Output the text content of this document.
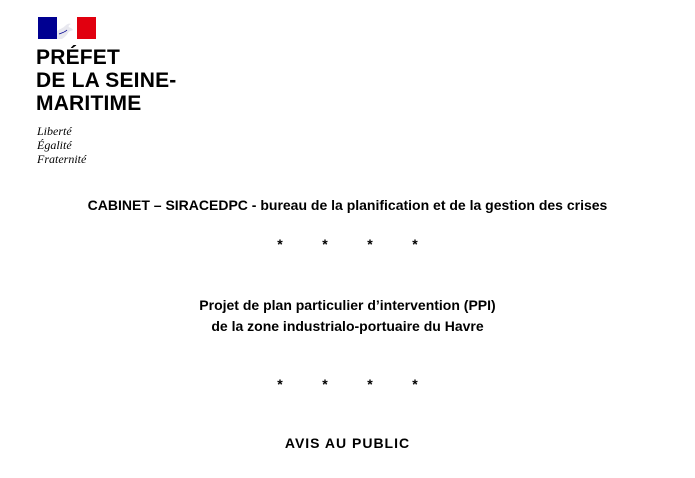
PRÉFET
DE LA SEINE-
MARITIME
Liberté
Égalité
Fraternité
CABINET – SIRACEDPC - bureau de la planification et de la gestion des crises
*	*	*	*
Projet de plan particulier d’intervention (PPI)
de la zone industrialo-portuaire du Havre
*	*	*	*
AVIS AU PUBLIC
